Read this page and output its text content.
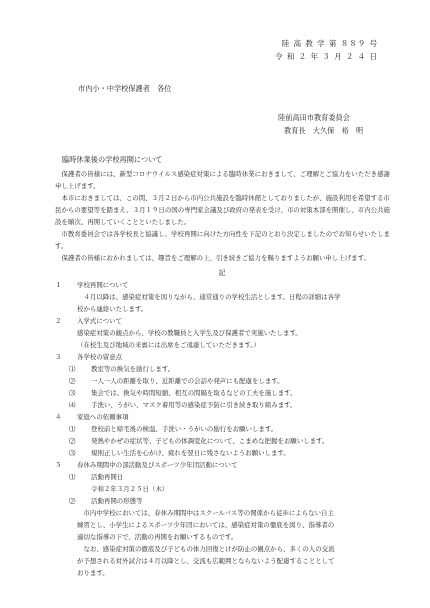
陸 高 教 学 第 ８８９ 号
令 和 ２ 年 ３ 月 ２ ４ 日
市内小・中学校保護者　各位
陸前高田市教育委員会
教育長　大久保　裕　明
臨時休業後の学校再開について

保護者の皆様には、新型コロナウイルス感染症対策による臨時休業におきまして、ご理解とご協力をいただき感謝申し上げます。

本市におきましては、この間、３月２日から市内公共施設を臨時休館としておりましたが、施設利用を希望する市民からの要望等を踏まえ、３月１９日の国の専門家会議及び政府の発表を受け、市の対策本部を開催し、市内公共施設を順次、再開していくことといたしました。

市教育委員会では各学校長と協議し、学校再開に向けた方向性を下記のとおり決定しましたのでお知らせいたします。

保護者の皆様におかれましては、趣旨をご理解の上、引き続きご協力を賜りますようお願い申し上げます。

記
１	学校再開について
４月以降は、感染症対策を図りながら、通常通りの学校生活とします。日程の詳細は各学
校から連絡いたします。
２	入学式について
感染症対策の観点から、学校の教職員と入学生及び保護者で実施いたします。
（在校生及び地域の来賓には出席をご遠慮していただきます。）
３	各学校の留意点
⑴	教室等の換気を励行します。
⑵	一人一人の距離を取り、近距離での会話や発声にも配慮をします。
⑶	集会では、換気や時間短縮、相互の間隔を取るなどの工夫を施します。
⑷	手洗い、うがい、マスク着用等の感染症予防に引き続き取り組みます。
４	家庭への依頼事項
⑴	登校前と帰宅後の検温、手洗い・うがいの励行をお願いします。
⑵	発熱やかぜの症状等、子どもの体調変化について、こまめな把握をお願いします。
⑶	規則正しい生活を心がけ、疲れを翌日に残さないようお願いします。
５	春休み期間中の部活動及びスポーツ少年団活動について
⑴	活動再開日
令和２年３月２５日（木）
⑵	活動再開の形態等
市内中学校においては、春休み期間中はスクールバス等の関係から徒歩によらない自主
練習とし、小学生によるスポーツ少年団においては、感染症対策の徹底を図り、指導者の
適切な指導の下で、活動の再開をお願いするものです。
なお、感染症対策の徹底及び子どもの体力回復とけが防止の観点から、多くの人の交流
が予想される対外試合は４月以降とし、交流も広範囲とならないよう配慮することとして
おります。
